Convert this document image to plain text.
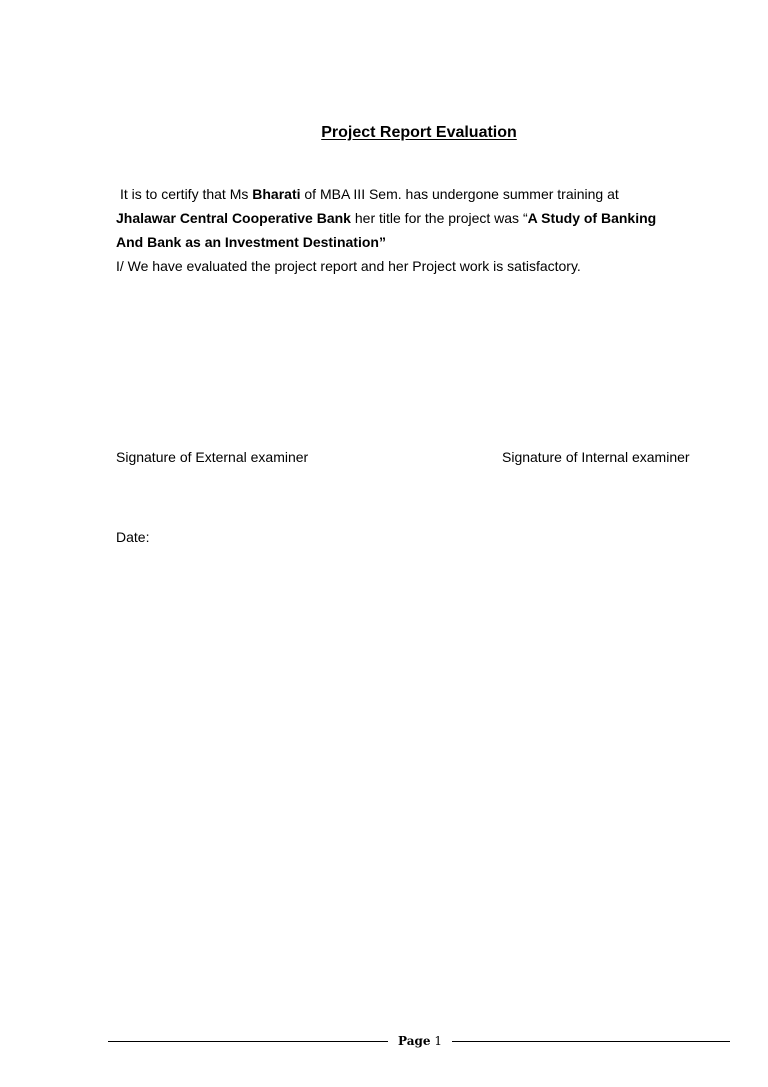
Project Report Evaluation
It is to certify that Ms Bharati of MBA III Sem. has undergone summer training at
Jhalawar Central Cooperative Bank her title for the project was “A Study of Banking
And Bank as an Investment Destination”
I/ We have evaluated the project report and her Project work is satisfactory.
Signature of External examiner	Signature of Internal examiner
Date:
Page 1
